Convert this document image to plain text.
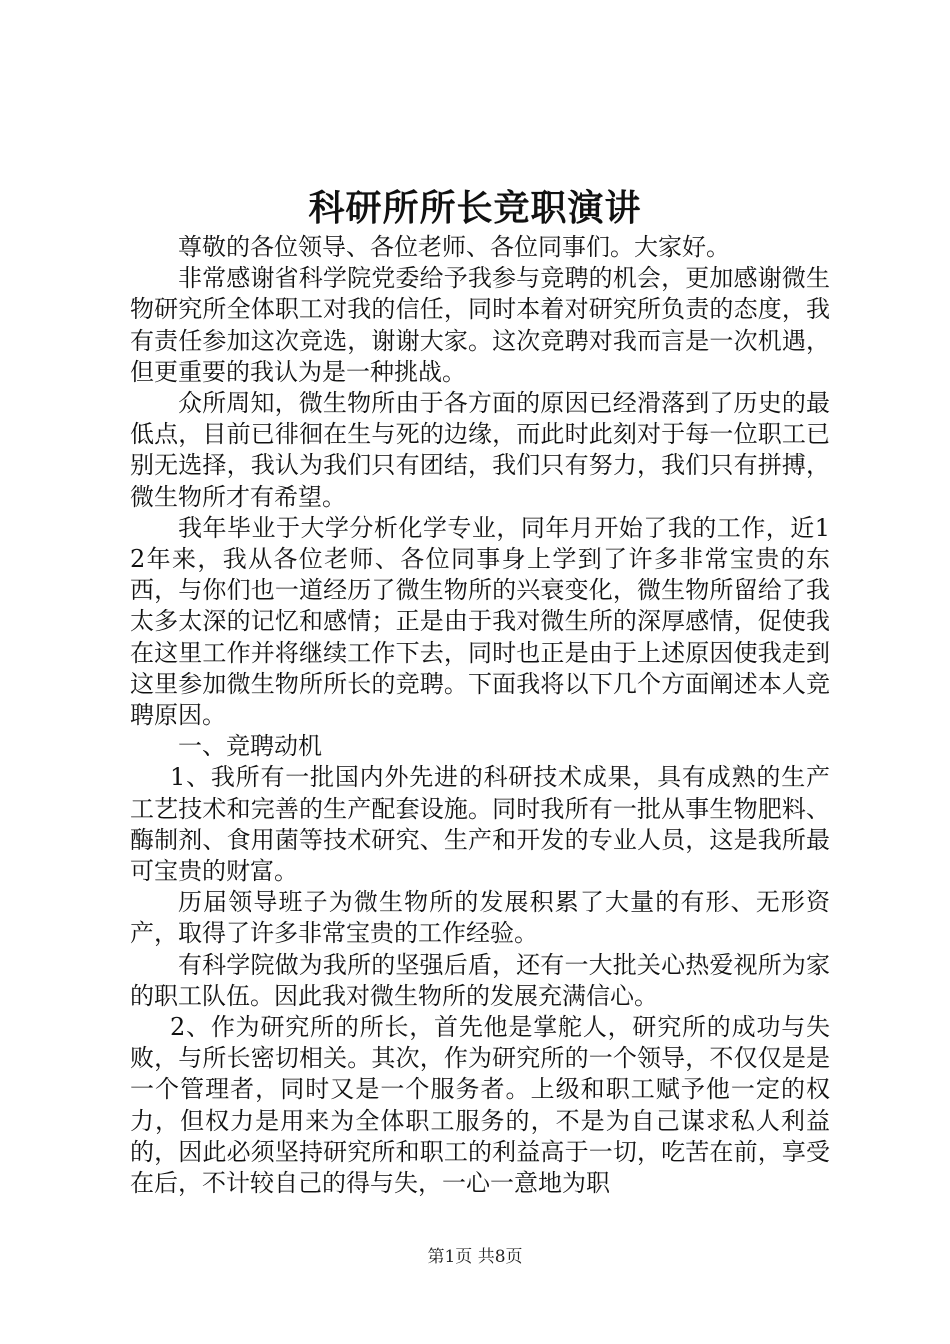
科研所所长竞职演讲

尊敬的各位领导、各位老师、各位同事们。大家好。

非常感谢省科学院党委给予我参与竞聘的机会，更加感谢微生物研究所全体职工对我的信任，同时本着对研究所负责的态度，我有责任参加这次竞选，谢谢大家。这次竞聘对我而言是一次机遇，但更重要的我认为是一种挑战。

众所周知，微生物所由于各方面的原因已经滑落到了历史的最低点，目前已徘徊在生与死的边缘，而此时此刻对于每一位职工已别无选择，我认为我们只有团结，我们只有努力，我们只有拼搏，微生物所才有希望。

我年毕业于大学分析化学专业，同年月开始了我的工作，近12年来，我从各位老师、各位同事身上学到了许多非常宝贵的东西，与你们也一道经历了微生物所的兴衰变化，微生物所留给了我太多太深的记忆和感情；正是由于我对微生所的深厚感情，促使我在这里工作并将继续工作下去，同时也正是由于上述原因使我走到这里参加微生物所所长的竞聘。下面我将以下几个方面阐述本人竞聘原因。

一、竞聘动机

1、我所有一批国内外先进的科研技术成果，具有成熟的生产工艺技术和完善的生产配套设施。同时我所有一批从事生物肥料、酶制剂、食用菌等技术研究、生产和开发的专业人员，这是我所最可宝贵的财富。

历届领导班子为微生物所的发展积累了大量的有形、无形资产，取得了许多非常宝贵的工作经验。

有科学院做为我所的坚强后盾，还有一大批关心热爱视所为家的职工队伍。因此我对微生物所的发展充满信心。

2、作为研究所的所长，首先他是掌舵人，研究所的成功与失败，与所长密切相关。其次，作为研究所的一个领导，不仅仅是是一个管理者，同时又是一个服务者。上级和职工赋予他一定的权力，但权力是用来为全体职工服务的，不是为自己谋求私人利益的，因此必须坚持研究所和职工的利益高于一切，吃苦在前，享受在后，不计较自己的得与失，一心一意地为职

第1页 共8页
